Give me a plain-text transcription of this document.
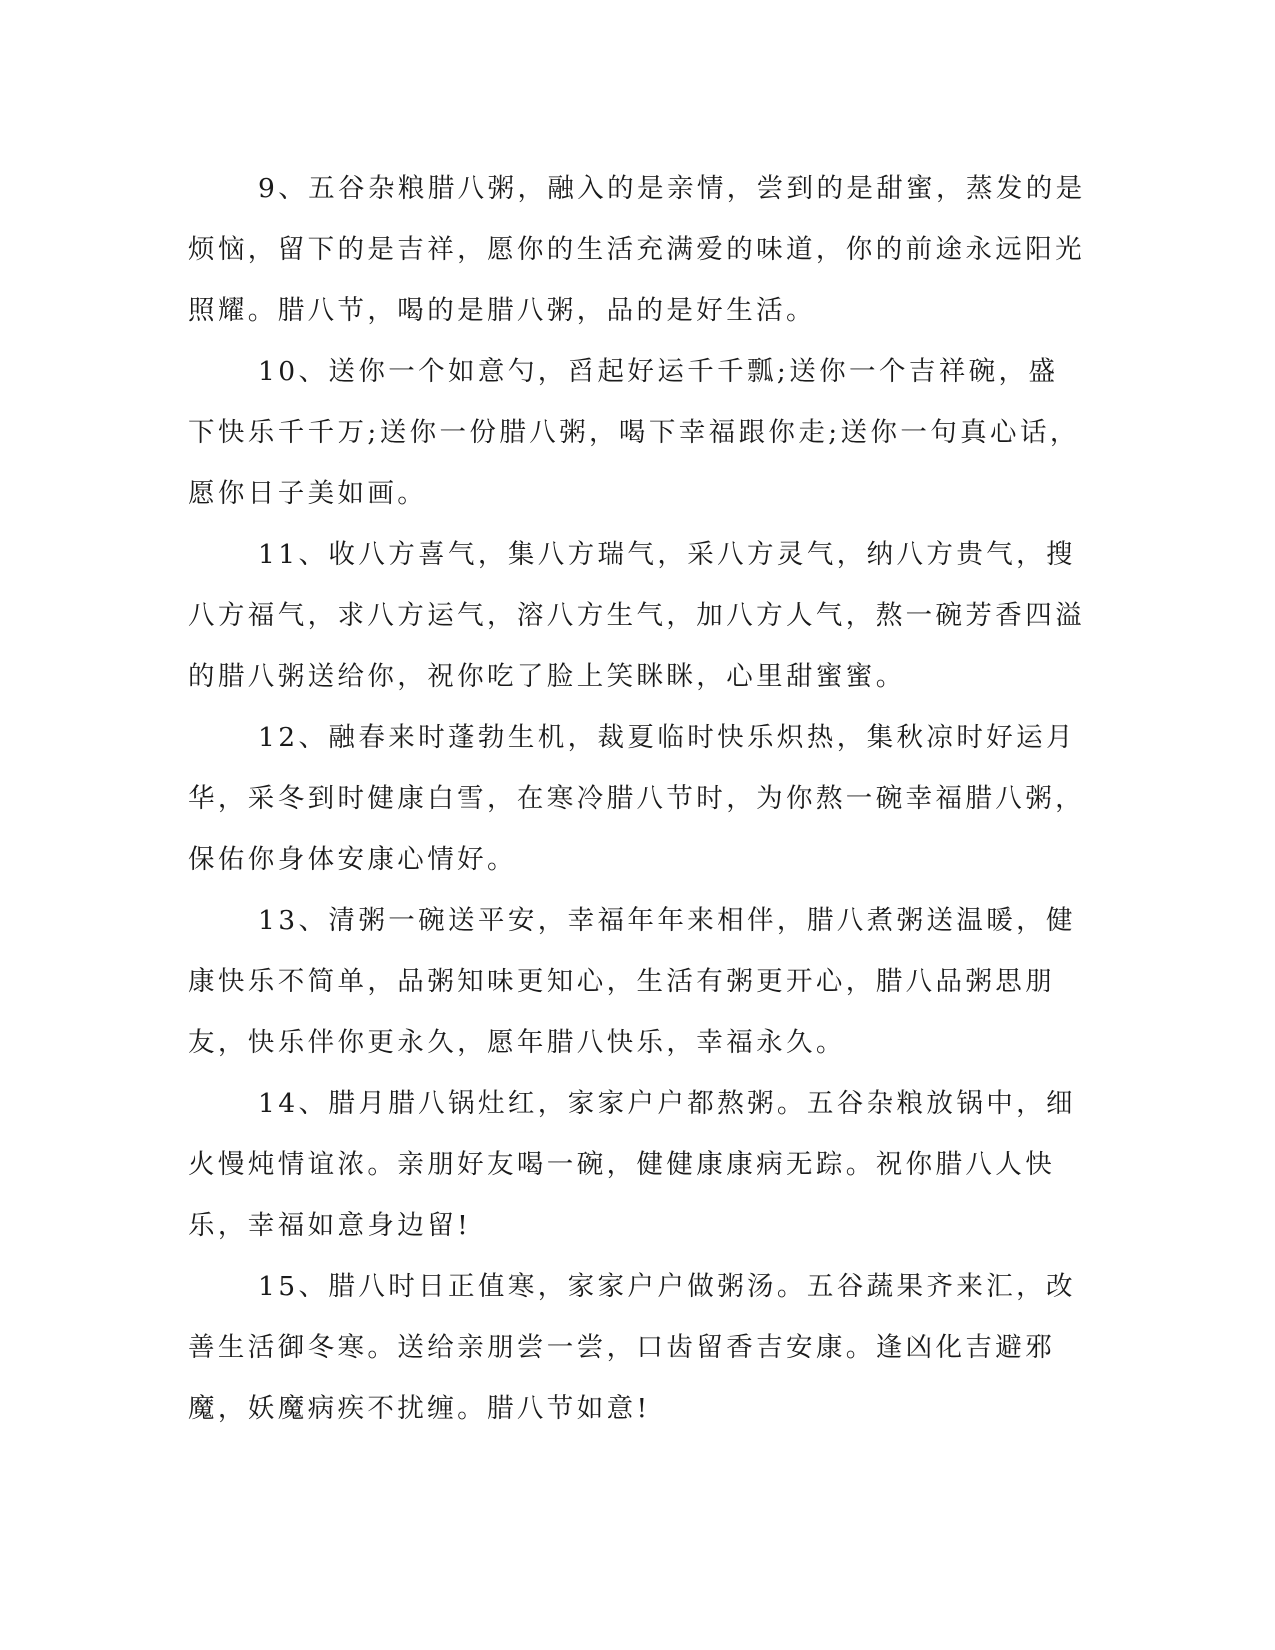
9、五谷杂粮腊八粥，融入的是亲情，尝到的是甜蜜，蒸发的是烦恼，留下的是吉祥，愿你的生活充满爱的味道，你的前途永远阳光照耀。腊八节，喝的是腊八粥，品的是好生活。

10、送你一个如意勺，舀起好运千千瓢;送你一个吉祥碗，盛下快乐千千万;送你一份腊八粥，喝下幸福跟你走;送你一句真心话，愿你日子美如画。

11、收八方喜气，集八方瑞气，采八方灵气，纳八方贵气，搜八方福气，求八方运气，溶八方生气，加八方人气，熬一碗芳香四溢的腊八粥送给你，祝你吃了脸上笑眯眯，心里甜蜜蜜。

12、融春来时蓬勃生机，裁夏临时快乐炽热，集秋凉时好运月华，采冬到时健康白雪，在寒冷腊八节时，为你熬一碗幸福腊八粥，保佑你身体安康心情好。

13、清粥一碗送平安，幸福年年来相伴，腊八煮粥送温暖，健康快乐不简单，品粥知味更知心，生活有粥更开心，腊八品粥思朋友，快乐伴你更永久，愿年腊八快乐，幸福永久。

14、腊月腊八锅灶红，家家户户都熬粥。五谷杂粮放锅中，细火慢炖情谊浓。亲朋好友喝一碗，健健康康病无踪。祝你腊八人快乐，幸福如意身边留!

15、腊八时日正值寒，家家户户做粥汤。五谷蔬果齐来汇，改善生活御冬寒。送给亲朋尝一尝，口齿留香吉安康。逢凶化吉避邪魔，妖魔病疾不扰缠。腊八节如意!
